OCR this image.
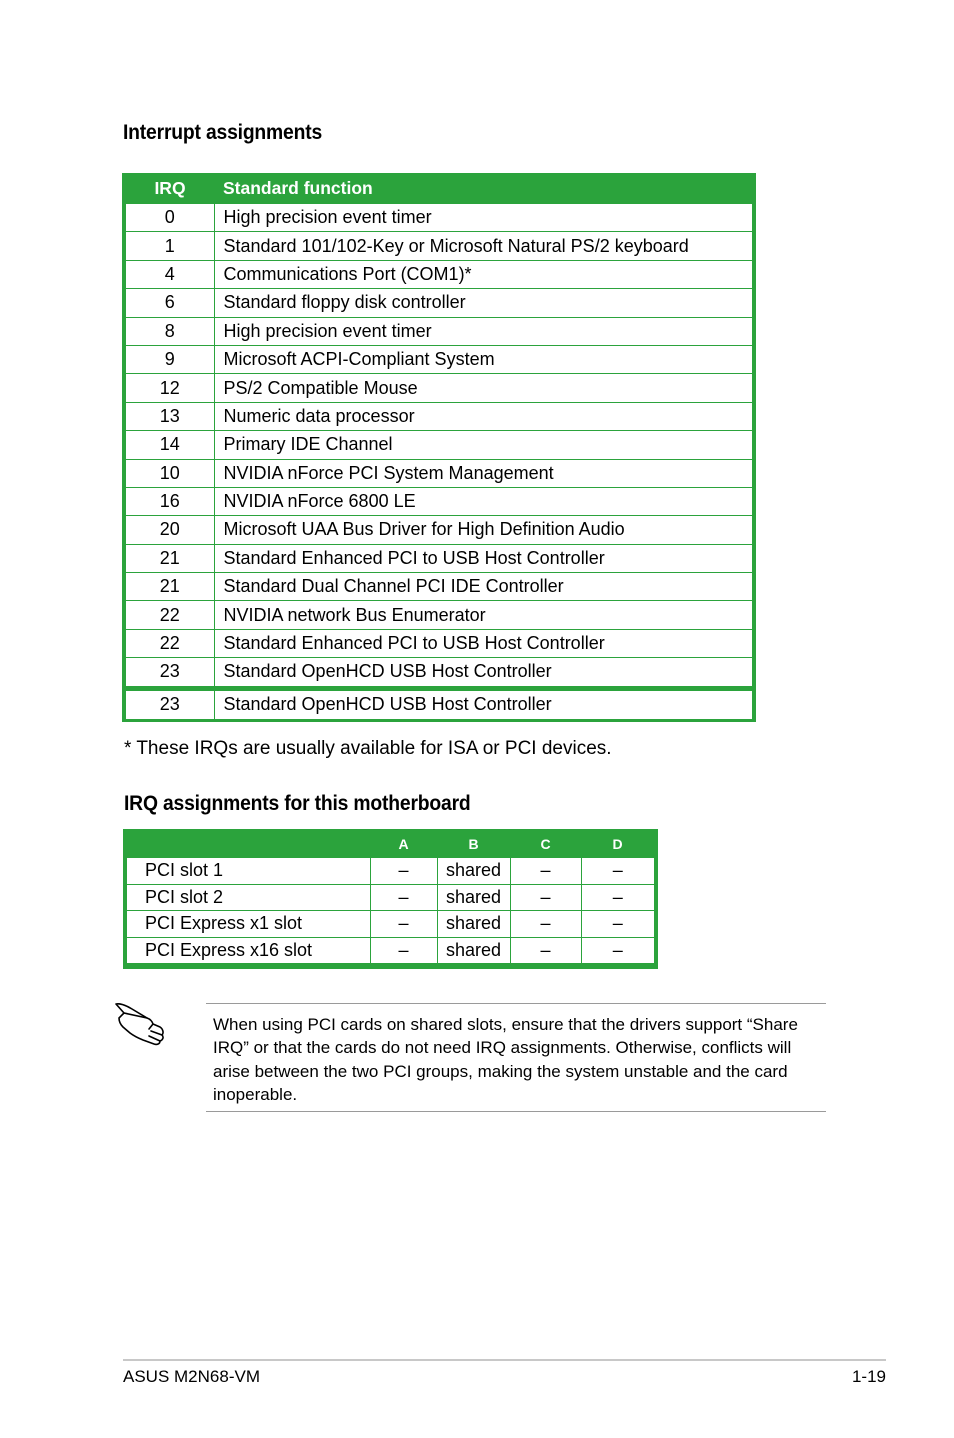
Interrupt assignments
IRQ	Standard function
0	High precision event timer
1	Standard 101/102-Key or Microsoft Natural PS/2 keyboard
4	Communications Port (COM1)*
6	Standard floppy disk controller
8	High precision event timer
9	Microsoft ACPI-Compliant System
12	PS/2 Compatible Mouse
13	Numeric data processor
14	Primary IDE Channel
10	NVIDIA nForce PCI System Management
16	NVIDIA nForce 6800 LE
20	Microsoft UAA Bus Driver for High Definition Audio
21	Standard Enhanced PCI to USB Host Controller
21	Standard Dual Channel PCI IDE Controller
22	NVIDIA network Bus Enumerator
22	Standard Enhanced PCI to USB Host Controller
23	Standard OpenHCD USB Host Controller
23	Standard OpenHCD USB Host Controller

* These IRQs are usually available for ISA or PCI devices.

IRQ assignments for this motherboard
	A	B	C	D
PCI slot 1	–	shared	–	–
PCI slot 2	–	shared	–	–
PCI Express x1 slot	–	shared	–	–
PCI Express x16 slot	–	shared	–	–

When using PCI cards on shared slots, ensure that the drivers support “Share IRQ” or that the cards do not need IRQ assignments. Otherwise, conflicts will arise between the two PCI groups, making the system unstable and the card inoperable.

ASUS M2N68-VM	1-19
